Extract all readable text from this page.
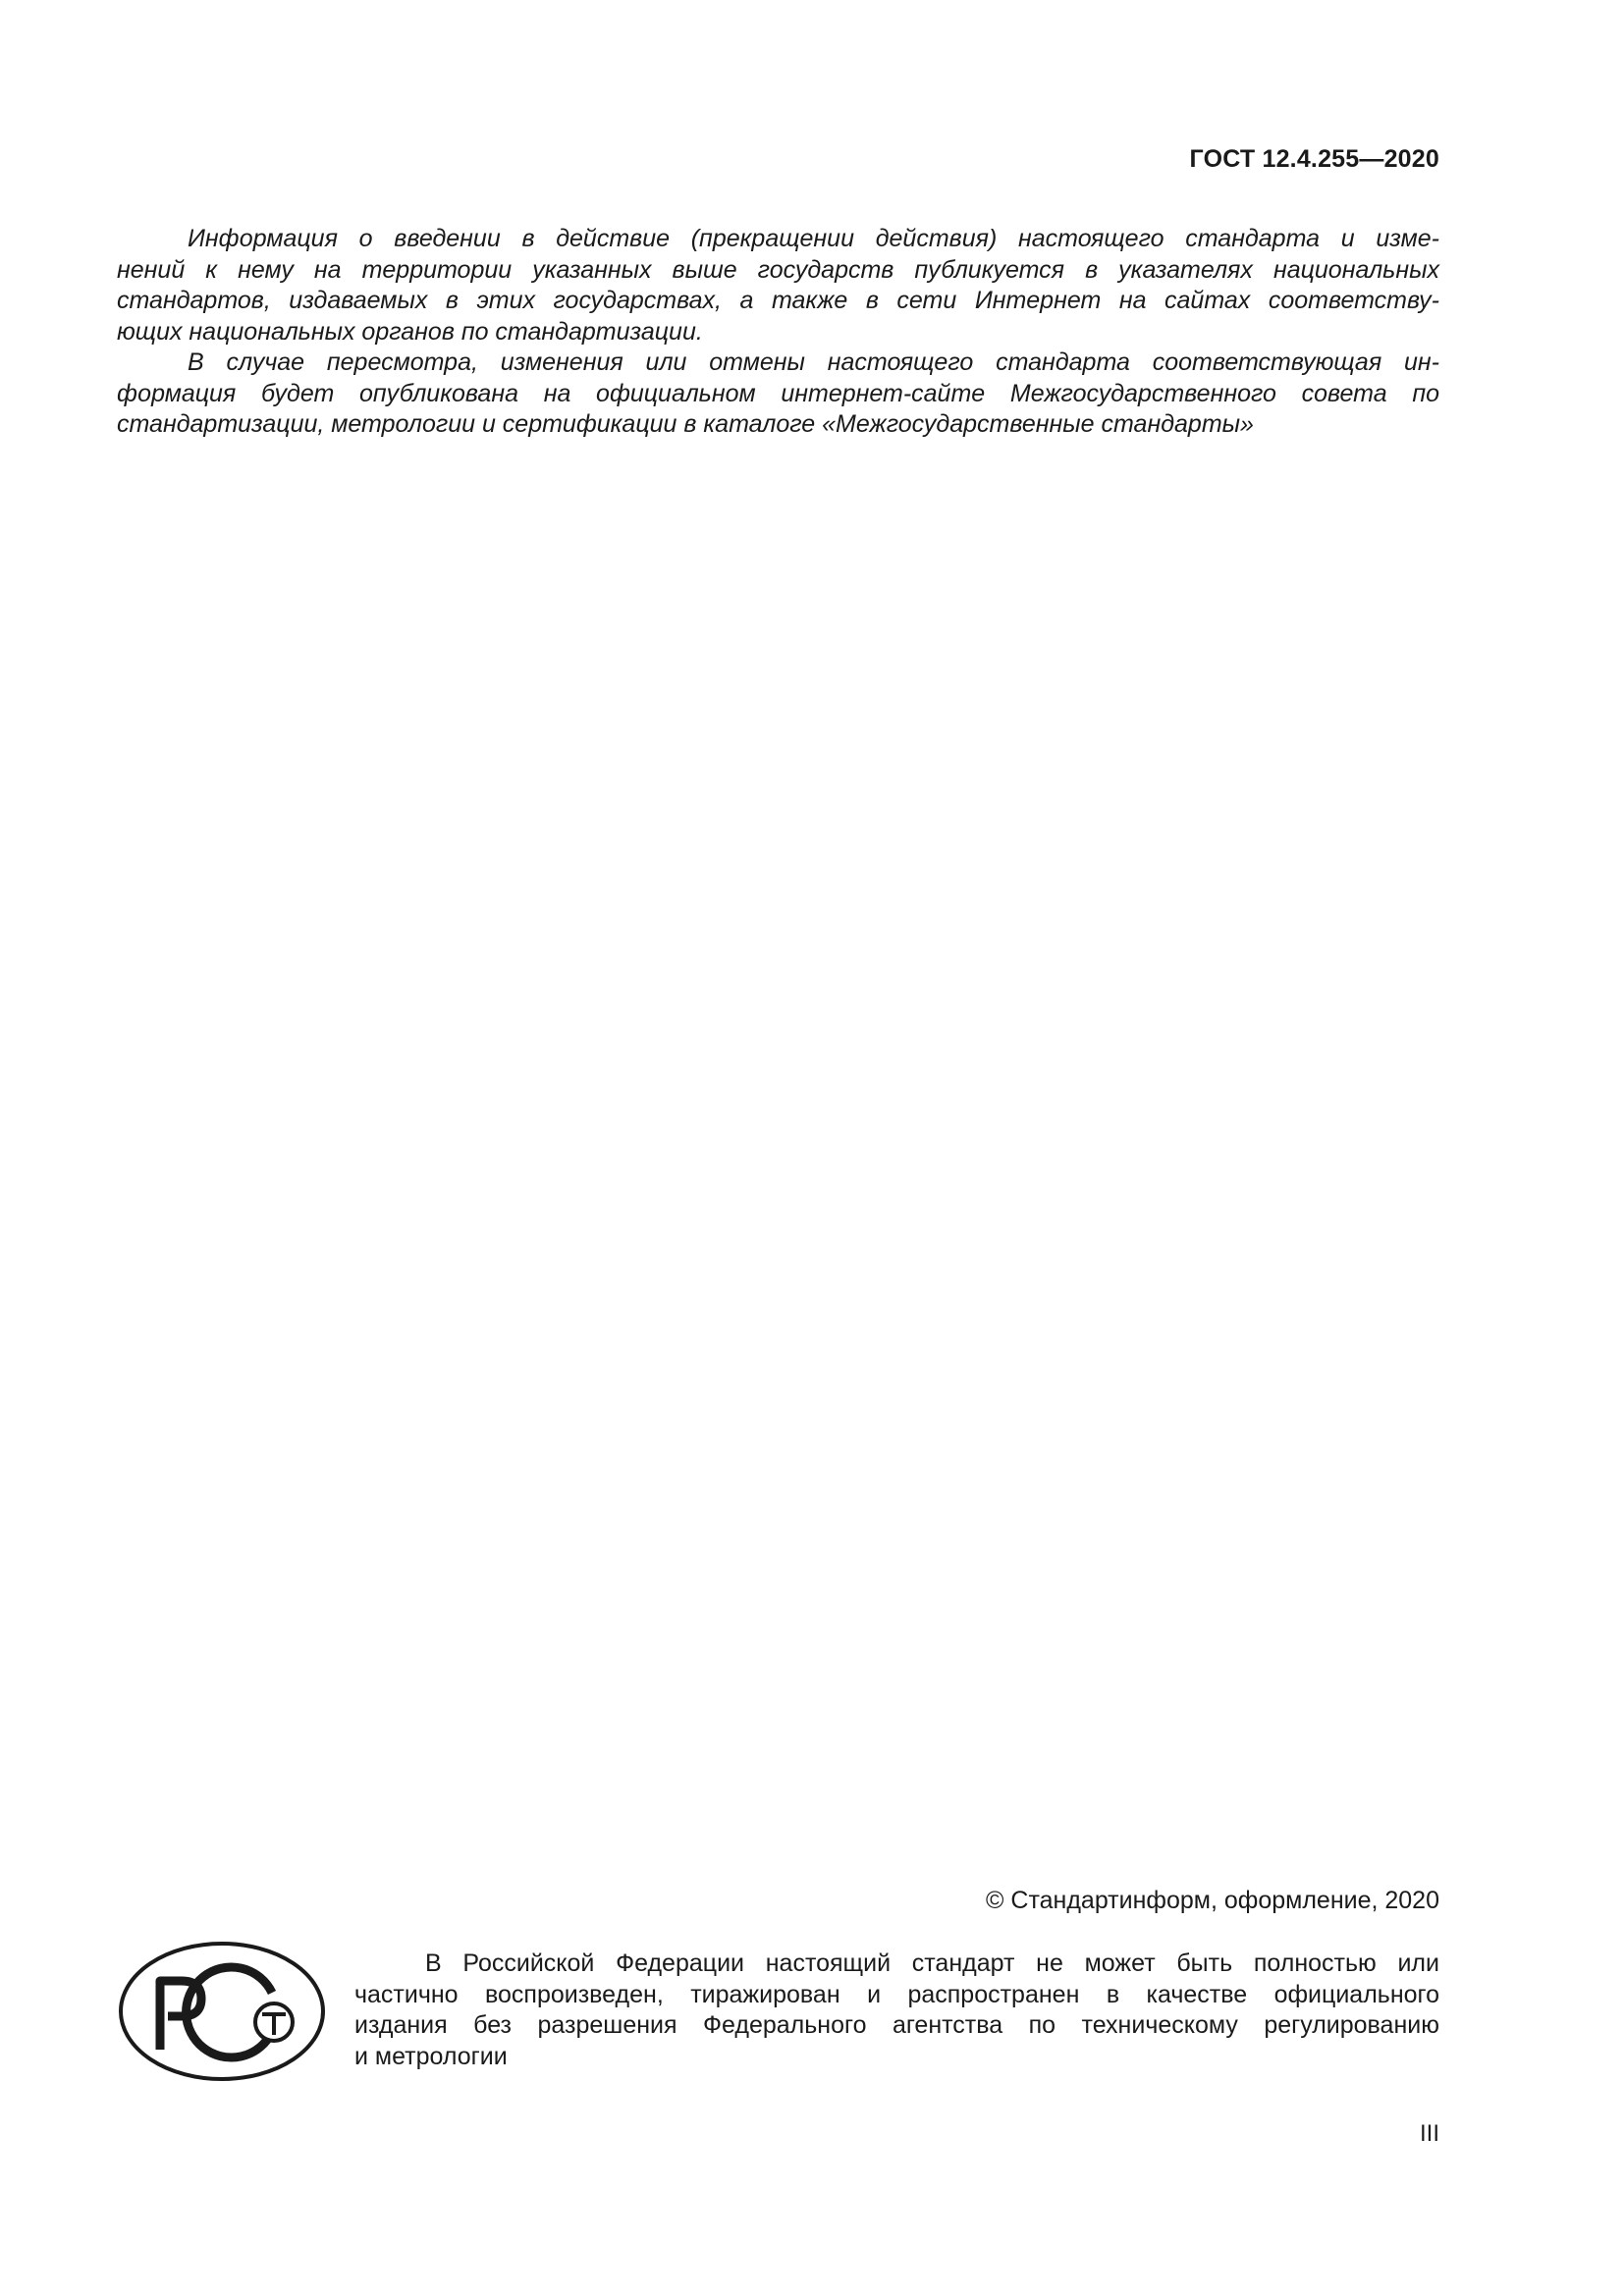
ГОСТ 12.4.255—2020
Информация о введении в действие (прекращении действия) настоящего стандарта и изме-
нений к нему на территории указанных выше государств публикуется в указателях национальных
стандартов, издаваемых в этих государствах, а также в сети Интернет на сайтах соответству-
ющих национальных органов по стандартизации.
В случае пересмотра, изменения или отмены настоящего стандарта соответствующая ин-
формация будет опубликована на официальном интернет-сайте Межгосударственного совета по
стандартизации, метрологии и сертификации в каталоге «Межгосударственные стандарты»
© Стандартинформ, оформление, 2020
В Российской Федерации настоящий стандарт не может быть полностью или
частично воспроизведен, тиражирован и распространен в качестве официального
издания без разрешения Федерального агентства по техническому регулированию
и метрологии
III
